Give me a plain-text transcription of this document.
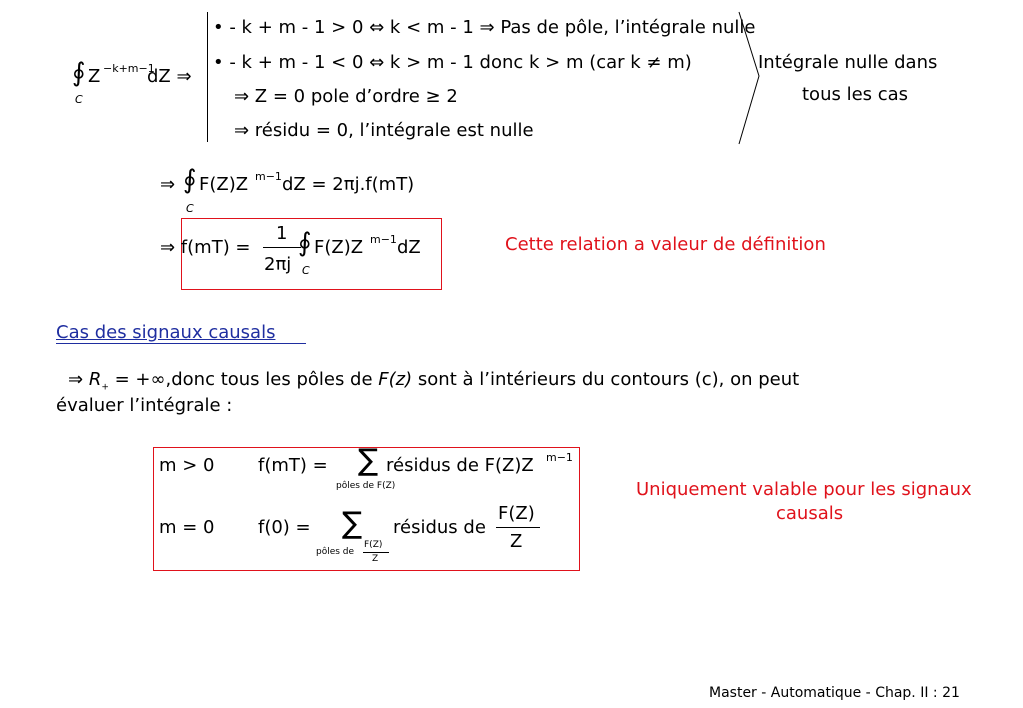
∮ Z −k+m−1
dZ ⇒
C
• - k + m - 1 > 0 ⇔ k < m - 1 ⇒ Pas de pôle, l’intégrale nulle
• - k + m - 1 < 0 ⇔ k > m - 1 donc k > m (car k ≠ m)
⇒ Z = 0 pole d’ordre ≥ 2
⇒ résidu = 0, l’intégrale est nulle
Intégrale nulle dans
tous les cas
⇒ ∮ F(Z)Z m−1 dZ = 2πj.f(mT)
C
⇒ f(mT) =
1
2πj
∮ F(Z)Z m−1 dZ
C
Cette relation a valeur de définition
Cas des signaux causals
⇒ $R_+$ = +∞,donc tous les pôles de F(z) sont à l’intérieurs du contours (c), on peut
évaluer l’intégrale :
m > 0 f(mT) = ∑
pôles de F(Z)
résidus de F(Z)Z m−1
m = 0 f(0) = ∑
pôles de
F(Z)
Z
résidus de
F(Z)
Z
Uniquement valable pour les signaux
causals
Master - Automatique - Chap. II : 21
